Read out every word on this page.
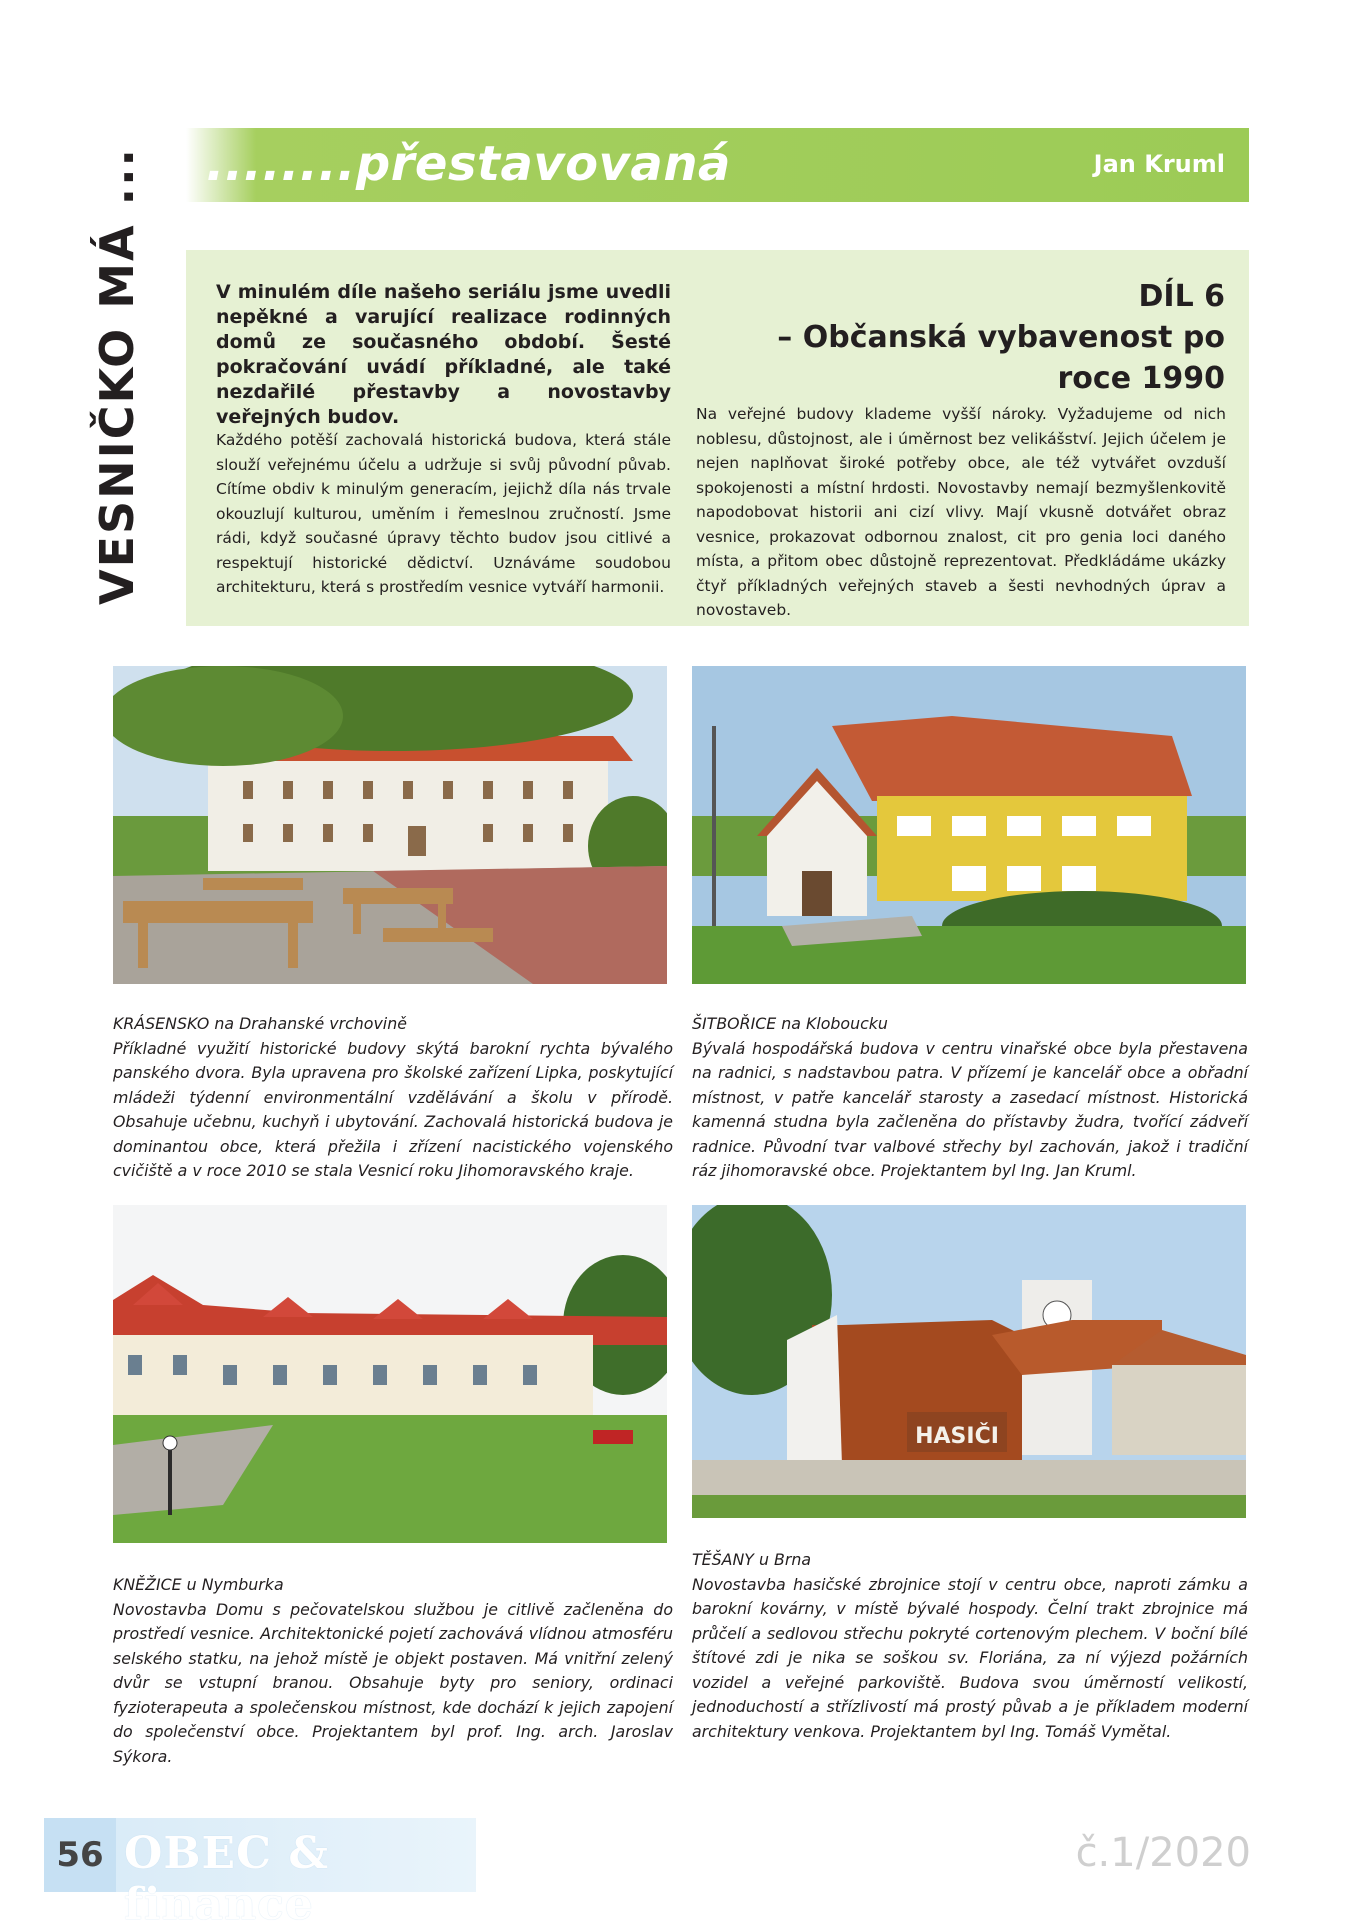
VESNIČKO MÁ ... ........přestavovaná	Jan Kruml
V minulém díle našeho seriálu jsme uvedli nepěkné a varující realizace rodinných domů ze současného období. Šesté pokračování uvádí příkladné, ale také nezdařilé přestavby a novostavby veřejných budov.
Každého potěší zachovalá historická budova, která stále slouží veřejnému účelu a udržuje si svůj původní půvab. Cítíme obdiv k minulým generacím, jejichž díla nás trvale okouzlují kulturou, uměním i řemeslnou zručností. Jsme rádi, když současné úpravy těchto budov jsou citlivé a respektují historické dědictví. Uznáváme soudobou architekturu, která s prostředím vesnice vytváří harmonii.
DÍL 6
– Občanská vybavenost po roce 1990
Na veřejné budovy klademe vyšší nároky. Vyžadujeme od nich noblesu, důstojnost, ale i úměrnost bez velikášství. Jejich účelem je nejen naplňovat široké potřeby obce, ale též vytvářet ovzduší spokojenosti a místní hrdosti. Novostavby nemají bezmyšlenkovitě napodobovat historii ani cizí vlivy. Mají vkusně dotvářet obraz vesnice, prokazovat odbornou znalost, cit pro genia loci daného místa, a přitom obec důstojně reprezentovat. Předkládáme ukázky čtyř příkladných veřejných staveb a šesti nevhodných úprav a novostaveb.
KRÁSENSKO na Drahanské vrchovině
Příkladné využití historické budovy skýtá barokní rychta bývalého panského dvora. Byla upravena pro školské zařízení Lipka, poskytující mládeži týdenní environmentální vzdělávání a školu v přírodě. Obsahuje učebnu, kuchyň i ubytování. Zachovalá historická budova je dominantou obce, která přežila i zřízení nacistického vojenského cvičiště a v roce 2010 se stala Vesnicí roku Jihomoravského kraje.
ŠITBOŘICE na Kloboucku
Bývalá hospodářská budova v centru vinařské obce byla přestavena na radnici, s nadstavbou patra. V přízemí je kancelář obce a obřadní místnost, v patře kancelář starosty a zasedací místnost. Historická kamenná studna byla začleněna do přístavby žudra, tvořící zádveří radnice. Původní tvar valbové střechy byl zachován, jakož i tradiční ráz jihomoravské obce. Projektantem byl Ing. Jan Kruml.
HASIČI
KNĚŽICE u Nymburka
Novostavba Domu s pečovatelskou službou je citlivě začleněna do prostředí vesnice. Architektonické pojetí zachovává vlídnou atmosféru selského statku, na jehož místě je objekt postaven. Má vnitřní zelený dvůr se vstupní branou. Obsahuje byty pro seniory, ordinaci fyzioterapeuta a společenskou místnost, kde dochází k jejich zapojení do společenství obce. Projektantem byl prof. Ing. arch. Jaroslav Sýkora.
TĚŠANY u Brna
Novostavba hasičské zbrojnice stojí v centru obce, naproti zámku a barokní kovárny, v místě bývalé hospody. Čelní trakt zbrojnice má průčelí a sedlovou střechu pokryté cortenovým plechem. V boční bílé štítové zdi je nika se soškou sv. Floriána, za ní výjezd požárních vozidel a veřejné parkoviště. Budova svou úměrností velikostí, jednoduchostí a střízlivostí má prostý půvab a je příkladem moderní architektury venkova. Projektantem byl Ing. Tomáš Vymětal.
56 OBEC & finance
č.1/2020
